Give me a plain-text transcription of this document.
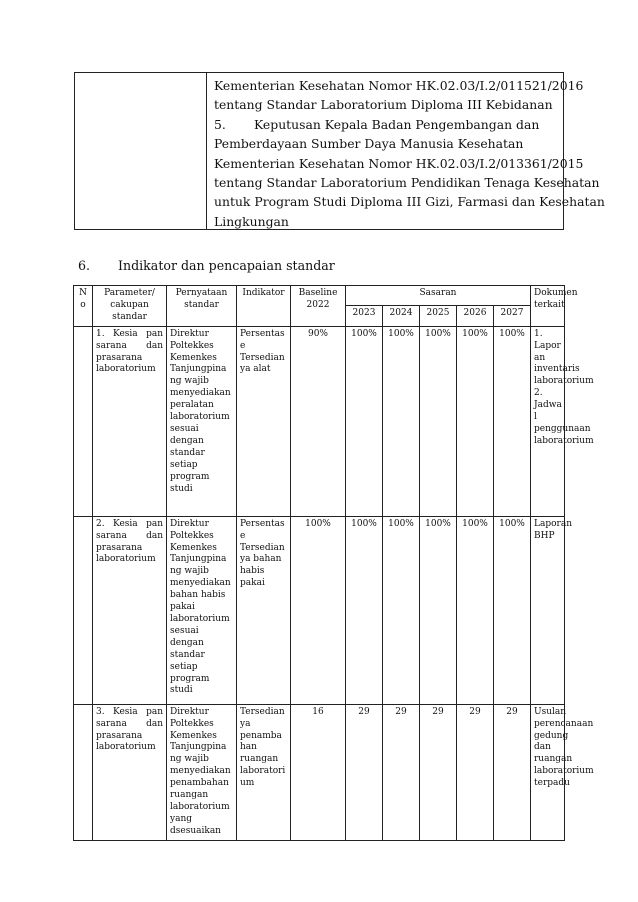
Kementerian Kesehatan Nomor HK.02.03/I.2/011521/2016

tentang Standar Laboratorium Diploma III Kebidanan

5. Keputusan Kepala Badan Pengembangan dan

Pemberdayaan Sumber Daya Manusia Kesehatan

Kementerian Kesehatan Nomor HK.02.03/I.2/013361/2015

tentang Standar Laboratorium Pendidikan Tenaga Kesehatan

untuk Program Studi Diploma III Gizi, Farmasi dan Kesehatan

Lingkungan

6. Indikator dan pencapaian standar
N o	Parameter/ cakupan standar	Pernyataan standar	Indikator	Baseline 2022	Sasaran					Dokumen terkait
					2023	2024	2025	2026	2027	
	1. Kesia pan sarana dan prasarana laboratorium	Direktur Poltekkes Kemenkes Tanjungpina ng wajib menyediakan peralatan laboratorium sesuai dengan standar setiap program studi	Persentas e Tersedian ya alat	90%	100%	100%	100%	100%	100%	1. Lapor an inventaris laboratorium 2. Jadwa l penggunaan laboratorium
	2. Kesia pan sarana dan prasarana laboratorium	Direktur Poltekkes Kemenkes Tanjungpina ng wajib menyediakan bahan habis pakai laboratorium sesuai dengan standar setiap program studi	Persentas e Tersedian ya bahan habis pakai	100%	100%	100%	100%	100%	100%	Laporan BHP
	3. Kesia pan sarana dan prasarana laboratorium	Direktur Poltekkes Kemenkes Tanjungpina ng wajib menyediakan penambahan ruangan laboratorium yang dsesuaikan	Tersedian ya penamba han ruangan laboratori um	16	29	29	29	29	29	Usulan perencanaan gedung dan ruangan laboratorium terpadu
